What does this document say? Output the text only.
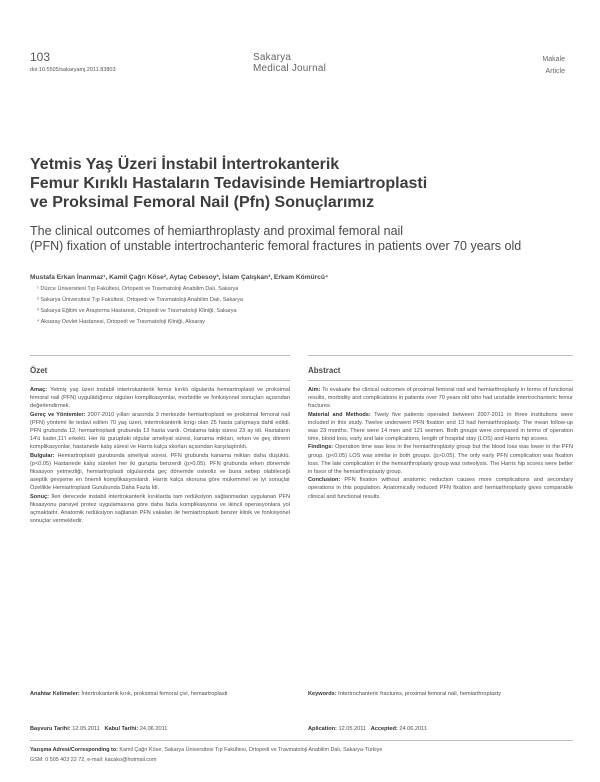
103
doi:10.5505/sakaryamj.2011.83803
Sakarya
Medical Journal
Makale
Article
Yetmis Yaş Üzeri İnstabil İntertrokanterik
Femur Kırıklı Hastaların Tedavisinde Hemiartroplasti
ve Proksimal Femoral Nail (Pfn) Sonuçlarımız
The clinical outcomes of hemiarthroplasty and proximal femoral nail
(PFN) fixation of unstable intertrochanteric femoral fractures in patients over 70 years old
Mustafa Erkan İnanmaz¹, Kamil Çağrı Köse², Aytaç Cebesoy³, İslam Çalışkan³, Erkam Kömürcü⁴
¹ Düzce Üniversitesi Tıp Fakültesi, Ortopedi ve Travmatoloji Anabilim Dalı, Sakarya
² Sakarya Üniversitesi Tıp Fakültesi, Ortopedi ve Travmatoloji Anabilim Dalı, Sakarya
³ Sakarya Eğitim ve Araştırma Hastaresi, Ortopedi ve Travmatoloji Kliniği, Sakarya
⁴ Aksaray Devlet Hastanesi, Ortopedi ve Travmatoloji Kliniği, Aksaray
Özet

Amaç: Yetmiş yaş üzeri instabil intertrokanterik femur kırıklı olgularda hemiartroplasti ve proksimal femoral nail (PFN) uygulādığımız olguları komplikasyonlar, morbidite ve fonksiyonel sonuçları açısından değerlendirmek.

Gereç ve Yöntemler: 2007-2010 yılları arasında 3 merkezde hemiartroplasti ve proksimal femoral nail (PFN) yöntemi ile tedavi edilen 70 yaş üzeri, intertrokanterik kırıgı olan 25 hasta çalışmaya dahil edildi. PFN grubunda 12, hemiartroplasti grubunda 13 hasta vardı. Ortalama takip süresi 23 ay idi. Hastaların 14'ü kadın,11'i erkekti. Her iki guruptaki olgular ameliyat süresi, kanama miktarı, erken ve geç dönem komplikasyonlar, hastanede kalış süresi ve Harris kalça skorları açısından karşılaştırıldı.

Bulgular: Hemiartroplasti gurubunda ameliyat süresi, PFN grubunda kanama miktarı daha düşüktü. (p<0.05) Hastanede kalış süreleri her iki gurupta benzerdi (p>0.05). PFN grubunda erken dönemde fiksasyon yetmezliği, hemiartroplasti olgularında geç dönemde osteoliz ve buna sebep olabileceği aseptik gevşeme en önemli komplikasyonlardı. Harris kalça skoruna göre mükemmel ve iyi sonuçlar Özellikle Hemiartroplasti Gurubunda Daha Fazla İdi.

Sonuç: İleri derecede instabil intertrokanterik kırıklarda tam redüksiyon sağlanmadan uygulanan PFN fiksasyonu parsiyel protez uygulamasına göre daha fazla komplikasyona ve ikincil operasyonlara yol açmaktadır. Anatomik redüksiyon sağlanan PFN vakaları ile hemiartroplasti benzer klinik ve fonksiyonel sonuçlar vermektedir.

Anahtar Kelimeler: İntertrokanterik kırık, proksimal femoral çivi, hemiartroplasti
Başvuru Tarihi: 12.05.2011 Kabul Tarihi: 24.06.2011
Abstract

Aim: To evaluate the clinical outcomes of proximal femoral nail and hemiarthroplasty in terms of functional results, morbidity and complications in patients over 70 years old who had unstable intertrochanteric femur fractures.

Material and Methods: Twety five patients operated between 2007-2011 in three institutions were included in this study. Twelve underwent PFN fixation and 13 had hemiarthroplasty. The mean follow-up was 23 months. There were 14 men and 121 women. Both groups were compared in terms of operation time, blood loss, early and late complications, length of hospital stay (LOS) and Harris hip scores.

Findings: Operation time was less in the hemiarthroplasty group but the blood loss was lower in the PFN group. (p<0.05) LOS was similar in both groups. (p>0.05). The only early PFN complication was fixation loss. The late complication in the hemiarthroplasty group was osteolysis. The Harris hip scores were better in favor of the hemiarthroplasty group.

Conclusion: PFN fixation without anatomic reduction causes more complications and secondary operations in this population. Anatomically reduced PFN fixation and hemiarthroplasty gives comparable clinical and functional results.

Keywords: Intertrochanteric fractures, proximal femoral nail, hemiarthroplasty
Aplication: 12.05.2011 Accepted: 24.06.2011
Yazışma Adresi/Corresponding to: Kamil Çağrı Köse, Sakarya Üniversitesi Tıp Fakültesi, Ortopedi ve Travmatoloji Anabilim Dalı, Sakarya-Türkiye
GSM: 0 505 403 22 72, e-mail: kacako@hotmail.com
